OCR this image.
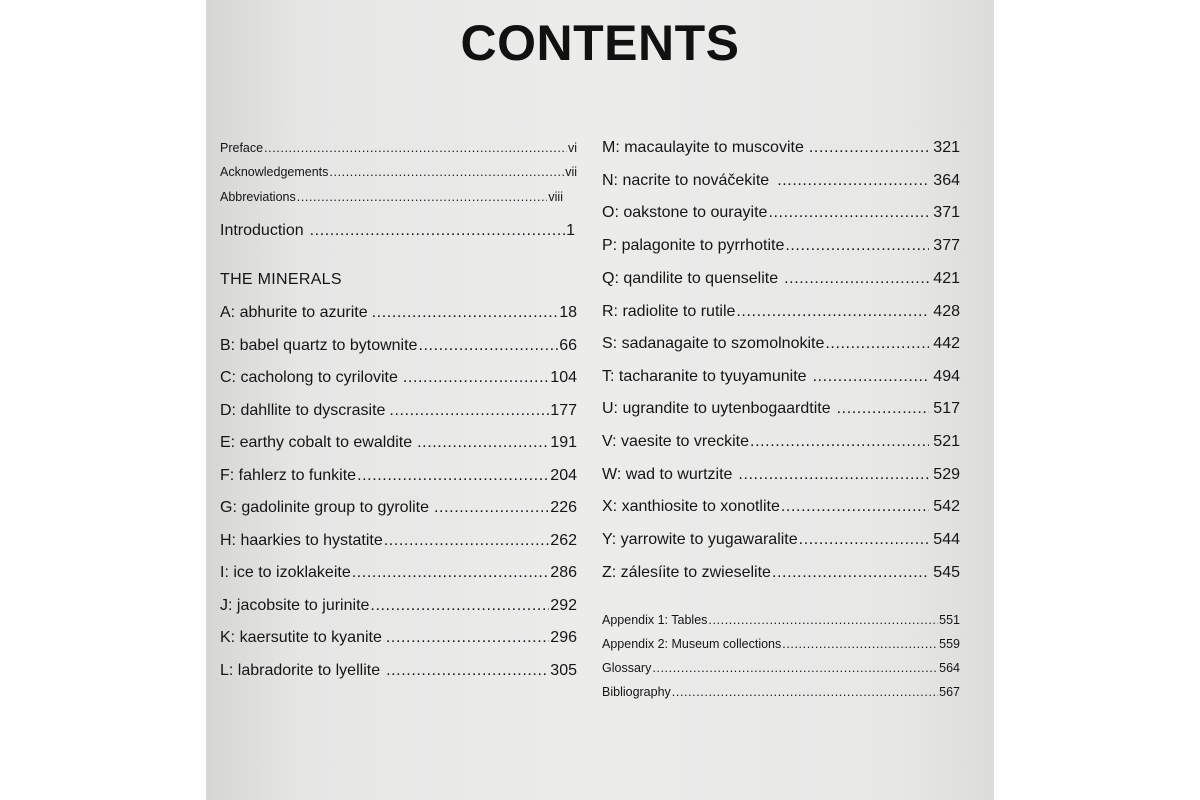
CONTENTS
Preface .....	vi
Acknowledgements .....	vii
Abbreviations .....	viii
Introduction .....	1
THE MINERALS
A: abhurite to azurite .....	18
B: babel quartz to bytownite .....	66
C: cacholong to cyrilovite .....	104
D: dahllite to dyscrasite .....	177
E: earthy cobalt to ewaldite .....	191
F: fahlerz to funkite .....	204
G: gadolinite group to gyrolite .....	226
H: haarkies to hystatite .....	262
I: ice to izoklakeite .....	286
J: jacobsite to jurinite .....	292
K: kaersutite to kyanite .....	296
L: labradorite to lyellite .....	305
M: macaulayite to muscovite .....	321
N: nacrite to nováčekite .....	364
O: oakstone to ourayite .....	371
P: palagonite to pyrrhotite .....	377
Q: qandilite to quenselite .....	421
R: radiolite to rutile .....	428
S: sadanagaite to szomolnokite .....	442
T: tacharanite to tyuyamunite .....	494
U: ugrandite to uytenbogaardtite .....	517
V: vaesite to vreckite .....	521
W: wad to wurtzite .....	529
X: xanthiosite to xonotlite .....	542
Y: yarrowite to yugawaralite .....	544
Z: zálesíite to zwieselite .....	545
Appendix 1: Tables .....	551
Appendix 2: Museum collections .....	559
Glossary .....	564
Bibliography .....	567
